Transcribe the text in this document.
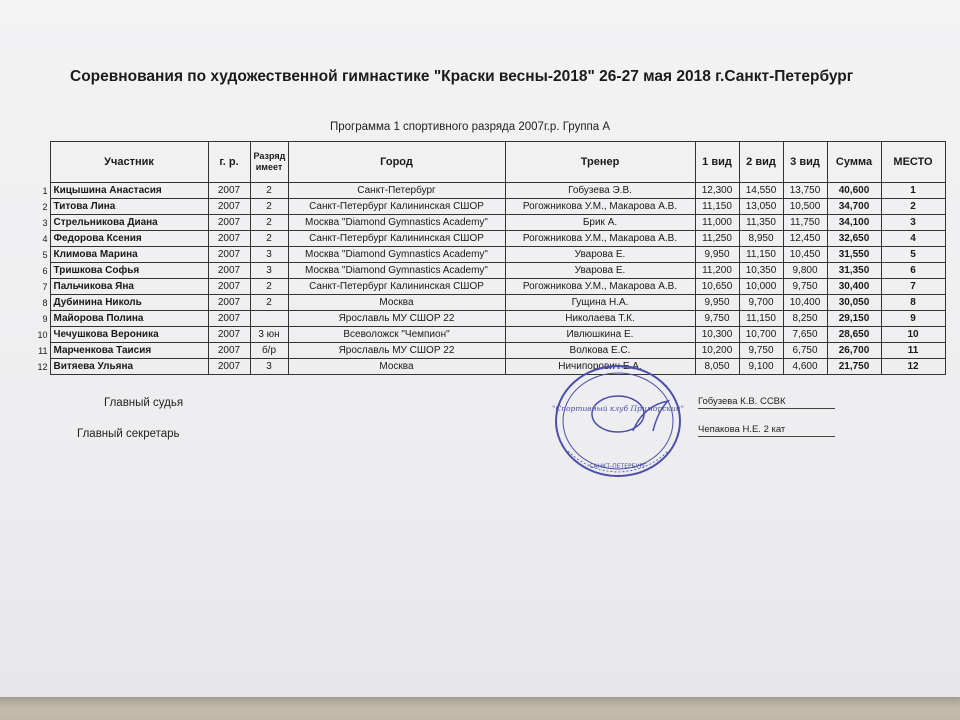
Соревнования по художественной гимнастике "Краски весны-2018" 26-27 мая 2018 г.Санкт-Петербург
Программа 1 спортивного разряда 2007г.р. Группа А
	Участник	г. р.	Разряд имеет	Город	Тренер	1 вид	2 вид	3 вид	Сумма	МЕСТО
1	Кицышина Анастасия	2007	2	Санкт-Петербург	Гобузева Э.В.	12,300	14,550	13,750	40,600	1
2	Титова Лина	2007	2	Санкт-Петербург Калининская СШОР	Рогожникова У.М., Макарова А.В.	11,150	13,050	10,500	34,700	2
3	Стрельникова Диана	2007	2	Москва "Diamond Gymnastics Academy"	Брик А.	11,000	11,350	11,750	34,100	3
4	Федорова Ксения	2007	2	Санкт-Петербург Калининская СШОР	Рогожникова У.М., Макарова А.В.	11,250	8,950	12,450	32,650	4
5	Климова Марина	2007	3	Москва "Diamond Gymnastics Academy"	Уварова Е.	9,950	11,150	10,450	31,550	5
6	Тришкова Софья	2007	3	Москва "Diamond Gymnastics Academy"	Уварова Е.	11,200	10,350	9,800	31,350	6
7	Пальчикова Яна	2007	2	Санкт-Петербург Калининская СШОР	Рогожникова У.М., Макарова А.В.	10,650	10,000	9,750	30,400	7
8	Дубинина Николь	2007	2	Москва	Гущина Н.А.	9,950	9,700	10,400	30,050	8
9	Майорова Полина	2007		Ярославль МУ СШОР 22	Николаева Т.К.	9,750	11,150	8,250	29,150	9
10	Чечушкова Вероника	2007	3 юн	Всеволожск "Чемпион"	Ивлюшкина Е.	10,300	10,700	7,650	28,650	10
11	Марченкова Таисия	2007	б/р	Ярославль МУ СШОР 22	Волкова Е.С.	10,200	9,750	6,750	26,700	11
12	Витяева Ульяна	2007	3	Москва	Ничипорович Е.А.	8,050	9,100	4,600	21,750	12
Главный судья	Гобузева К.В. ССВК
Главный секретарь	Чепакова Н.Е. 2 кат
"Спортивный клуб Приморский"
САНКТ-ПЕТЕРБУРГ
